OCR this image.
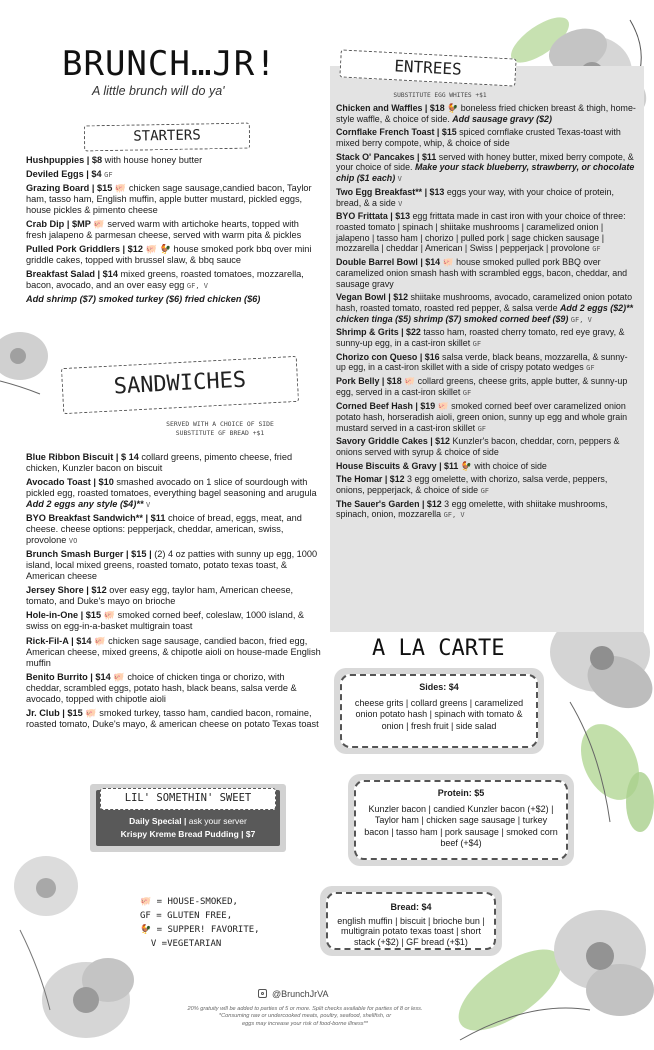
BRUNCH…JR!
A little brunch will do ya'
STARTERS
Hushpuppies | $8 with house honey butter
Deviled Eggs | $4 GF
Grazing Board | $15 🐖 chicken sage sausage,candied bacon, Taylor ham, tasso ham, English muffin, apple butter mustard, pickled eggs, house pickles & pimento cheese
Crab Dip | $MP 🐖 served warm with artichoke hearts, topped with fresh jalapeno & parmesan cheese, served with warm pita & pickles
Pulled Pork Griddlers | $12 🐖 🐓 house smoked pork bbq over mini griddle cakes, topped with brussel slaw, & bbq sauce
Breakfast Salad | $14 mixed greens, roasted tomatoes, mozzarella, bacon, avocado, and an over easy egg GF, V
Add shrimp ($7) smoked turkey ($6) fried chicken ($6)
SANDWICHES
SERVED WITH A CHOICE OF SIDE
SUBSTITUTE GF BREAD +$1
Blue Ribbon Biscuit | $ 14 collard greens, pimento cheese, fried chicken, Kunzler bacon on biscuit
Avocado Toast | $10 smashed avocado on 1 slice of sourdough with pickled egg, roasted tomatoes, everything bagel seasoning and arugula Add 2 eggs any style ($4)** V
BYO Breakfast Sandwich** | $11 choice of bread, eggs, meat, and cheese. cheese options: pepperjack, cheddar, american, swiss, provolone VO
Brunch Smash Burger | $15 | (2) 4 oz patties with sunny up egg, 1000 island, local mixed greens, roasted tomato, potato texas toast, & American cheese
Jersey Shore | $12 over easy egg, taylor ham, American cheese, tomato, and Duke's mayo on brioche
Hole-in-One | $15 🐖 smoked corned beef, coleslaw, 1000 island, & swiss on egg-in-a-basket multigrain toast
Rick-Fil-A | $14 🐖 chicken sage sausage, candied bacon, fried egg, American cheese, mixed greens, & chipotle aioli on house-made English muffin
Benito Burrito | $14 🐖 choice of chicken tinga or chorizo, with cheddar, scrambled eggs, potato hash, black beans, salsa verde & avocado, topped with chipotle aioli
Jr. Club | $15 🐖 smoked turkey, tasso ham, candied bacon, romaine, roasted tomato, Duke's mayo, & american cheese on potato Texas toast
LIL' SOMETHIN' SWEET
Daily Special | ask your server
Krispy Kreme Bread Pudding | $7
🐖 = HOUSE-SMOKED,
GF = GLUTEN FREE,
🐓 = SUPPER! FAVORITE,
V =VEGETARIAN
ENTREES
SUBSTITUTE EGG WHITES +$1
Chicken and Waffles | $18 🐓 boneless fried chicken breast & thigh, home-style waffle, & choice of side. Add sausage gravy ($2)
Cornflake French Toast | $15 spiced cornflake crusted Texas-toast with mixed berry compote, whip, & choice of side
Stack O' Pancakes | $11 served with honey butter, mixed berry compote, & your choice of side. Make your stack blueberry, strawberry, or chocolate chip ($1 each) V
Two Egg Breakfast** | $13 eggs your way, with your choice of protein, bread, & a side V
BYO Frittata | $13 egg frittata made in cast iron with your choice of three: roasted tomato | spinach | shiitake mushrooms | caramelized onion | jalapeno | tasso ham | chorizo | pulled pork | sage chicken sausage | mozzarella | cheddar | American | Swiss | pepperjack | provolone GF
Double Barrel Bowl | $14 🐖 house smoked pulled pork BBQ over caramelized onion smash hash with scrambled eggs, bacon, cheddar, and sausage gravy
Vegan Bowl | $12 shiitake mushrooms, avocado, caramelized onion potato hash, roasted tomato, roasted red pepper, & salsa verde Add 2 eggs ($2)** chicken tinga ($5) shrimp ($7) smoked corned beef ($9) GF, V
Shrimp & Grits | $22 tasso ham, roasted cherry tomato, red eye gravy, & sunny-up egg, in a cast-iron skillet GF
Chorizo con Queso | $16 salsa verde, black beans, mozzarella, & sunny-up egg, in a cast-iron skillet with a side of crispy potato wedges GF
Pork Belly | $18 🐖 collard greens, cheese grits, apple butter, & sunny-up egg, served in a cast-iron skillet GF
Corned Beef Hash | $19 🐖 smoked corned beef over caramelized onion potato hash, horseradish aioli, green onion, sunny up egg and whole grain mustard served in a cast-iron skillet GF
Savory Griddle Cakes | $12 Kunzler's bacon, cheddar, corn, peppers & onions served with syrup & choice of side
House Biscuits & Gravy | $11 🐓 with choice of side
The Homar | $12 3 egg omelette, with chorizo, salsa verde, peppers, onions, pepperjack, & choice of side GF
The Sauer's Garden | $12 3 egg omelette, with shiitake mushrooms, spinach, onion, mozzarella GF, V
A LA CARTE
Sides: $4
cheese grits | collard greens | caramelized onion potato hash | spinach with tomato & onion | fresh fruit | side salad
Protein: $5
Kunzler bacon | candied Kunzler bacon (+$2) | Taylor ham | chicken sage sausage | turkey bacon | tasso ham | pork sausage | smoked corn beef (+$4)
Bread: $4
english muffin | biscuit | brioche bun | multigrain potato texas toast | short stack (+$2) | GF bread (+$1)
@BrunchJrVA
20% gratuity will be added to parties of 5 or more. Split checks available for parties of 8 or less.
*Consuming raw or undercooked meats, poultry, seafood, shellfish, or
eggs may increase your risk of food-borne illness**
